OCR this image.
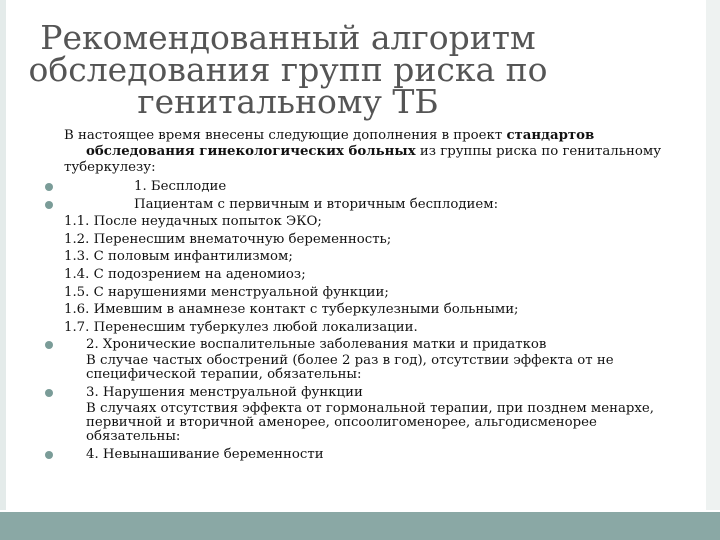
Рекомендованный алгоритм
обследования групп риска по
генитальному ТБ

В настоящее время внесены следующие дополнения в проект стандартов обследования гинекологических больных из группы риска по генитальному туберкулезу:

1. Бесплодие
Пациентам с первичным и вторичным бесплодием:
1.1. После неудачных попыток ЭКО;
1.2. Перенесшим внематочную беременность;
1.3. С половым инфантилизмом;
1.4. С подозрением на аденомиоз;
1.5. С нарушениями менструальной функции;
1.6. Имевшим в анамнезе контакт с туберкулезными больными;
1.7. Перенесшим туберкулез любой локализации.
2. Хронические воспалительные заболевания матки и придатков
В случае частых обострений (более 2 раз в год), отсутствии эффекта от не специфической терапии, обязательны:
3. Нарушения менструальной функции
В случаях отсутствия эффекта от гормональной терапии, при позднем менархе, первичной и вторичной аменорее, опсоолигоменорее, альгодисменорее обязательны:
4. Невынашивание беременности
